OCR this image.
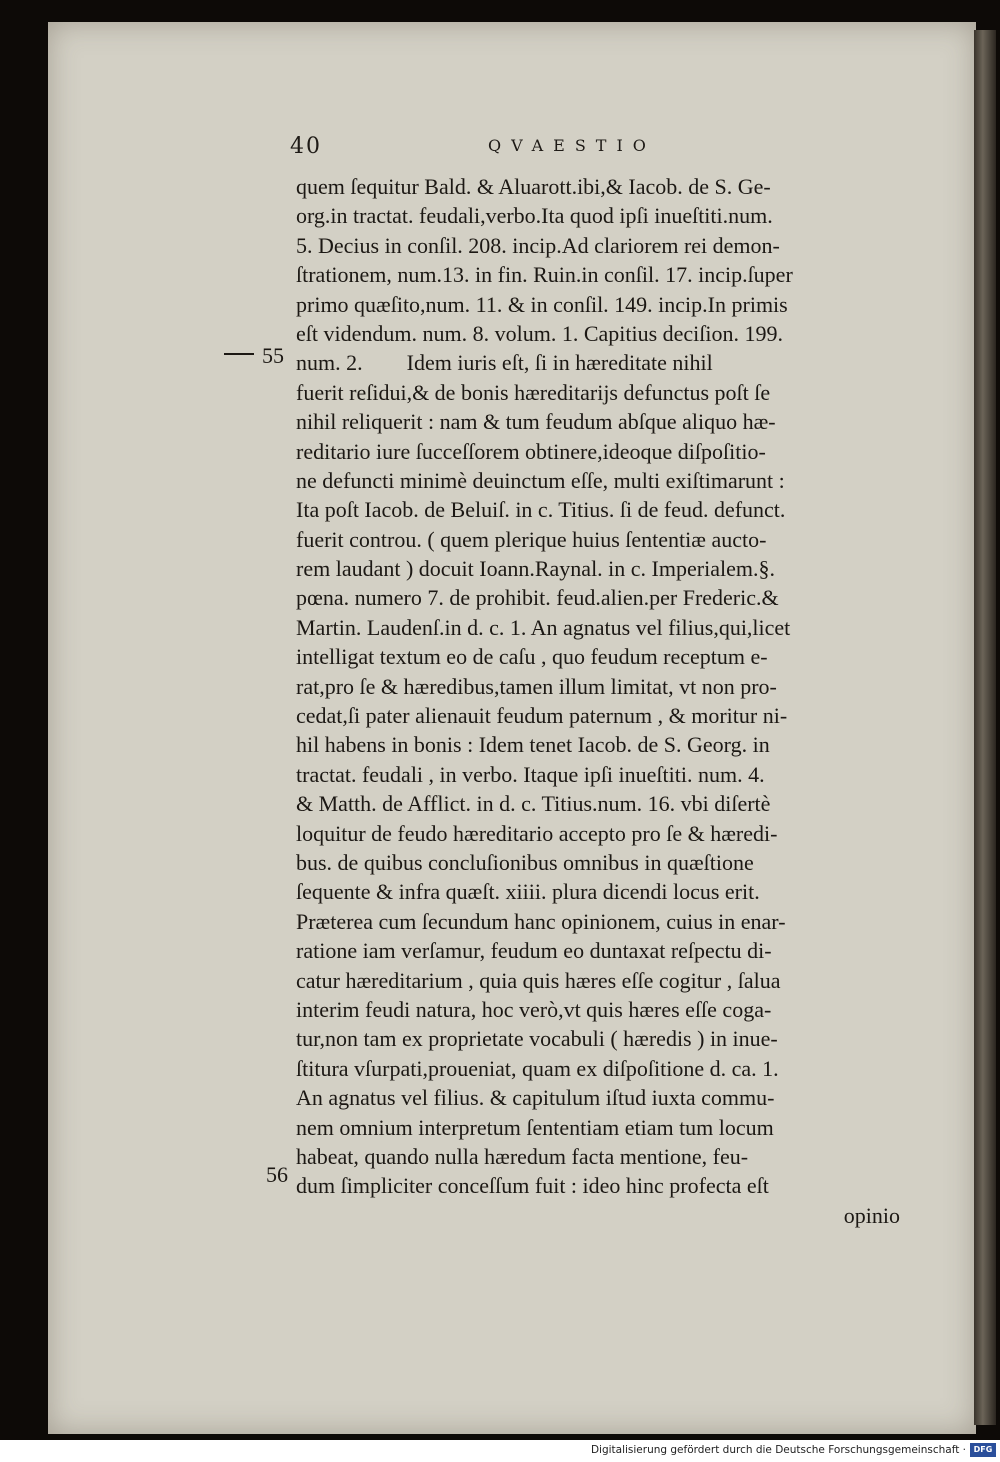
40	QVAESTIO
55
56
quem ſequitur Bald. & Aluarott.ibi,& Iacob. de S. Ge-
org.in tractat. feudali,verbo.Ita quod ipſi inueſtiti.num.
5. Decius in conſil. 208. incip.Ad clariorem rei demon-
ſtrationem, num.13. in fin. Ruin.in conſil. 17. incip.ſuper
primo quæſito,num. 11. & in conſil. 149. incip.In primis
eſt videndum. num. 8. volum. 1. Capitius deciſion. 199.
num. 2.        Idem iuris eſt, ſi in hæreditate nihil
fuerit reſidui,& de bonis hæreditarijs defunctus poſt ſe
nihil reliquerit : nam & tum feudum abſque aliquo hæ-
reditario iure ſucceſſorem obtinere,ideoque diſpoſitio-
ne defuncti minimè deuinctum eſſe, multi exiſtimarunt :
Ita poſt Iacob. de Beluiſ. in c. Titius. ſi de feud. defunct.
fuerit controu. ( quem plerique huius ſententiæ aucto-
rem laudant ) docuit Ioann.Raynal. in c. Imperialem.§.
pœna. numero 7. de prohibit. feud.alien.per Frederic.&
Martin. Laudenſ.in d. c. 1. An agnatus vel filius,qui,licet
intelligat textum eo de caſu , quo feudum receptum e-
rat,pro ſe & hæredibus,tamen illum limitat, vt non pro-
cedat,ſi pater alienauit feudum paternum , & moritur ni-
hil habens in bonis : Idem tenet Iacob. de S. Georg. in
tractat. feudali , in verbo. Itaque ipſi inueſtiti. num. 4.
& Matth. de Afflict. in d. c. Titius.num. 16. vbi diſertè
loquitur de feudo hæreditario accepto pro ſe & hæredi-
bus. de quibus concluſionibus omnibus in quæſtione
ſequente & infra quæſt. xiiii. plura dicendi locus erit.
Præterea cum ſecundum hanc opinionem, cuius in enar-
ratione iam verſamur, feudum eo duntaxat reſpectu di-
catur hæreditarium , quia quis hæres eſſe cogitur , ſalua
interim feudi natura, hoc verò,vt quis hæres eſſe coga-
tur,non tam ex proprietate vocabuli ( hæredis ) in inue-
ſtitura vſurpati,proueniat, quam ex diſpoſitione d. ca. 1.
An agnatus vel filius. & capitulum iſtud iuxta commu-
nem omnium interpretum ſententiam etiam tum locum
habeat, quando nulla hæredum facta mentione, feu-
dum ſimpliciter conceſſum fuit : ideo hinc profecta eſt
opinio
Digitalisierung gefördert durch die Deutsche Forschungsgemeinschaft · DFG
